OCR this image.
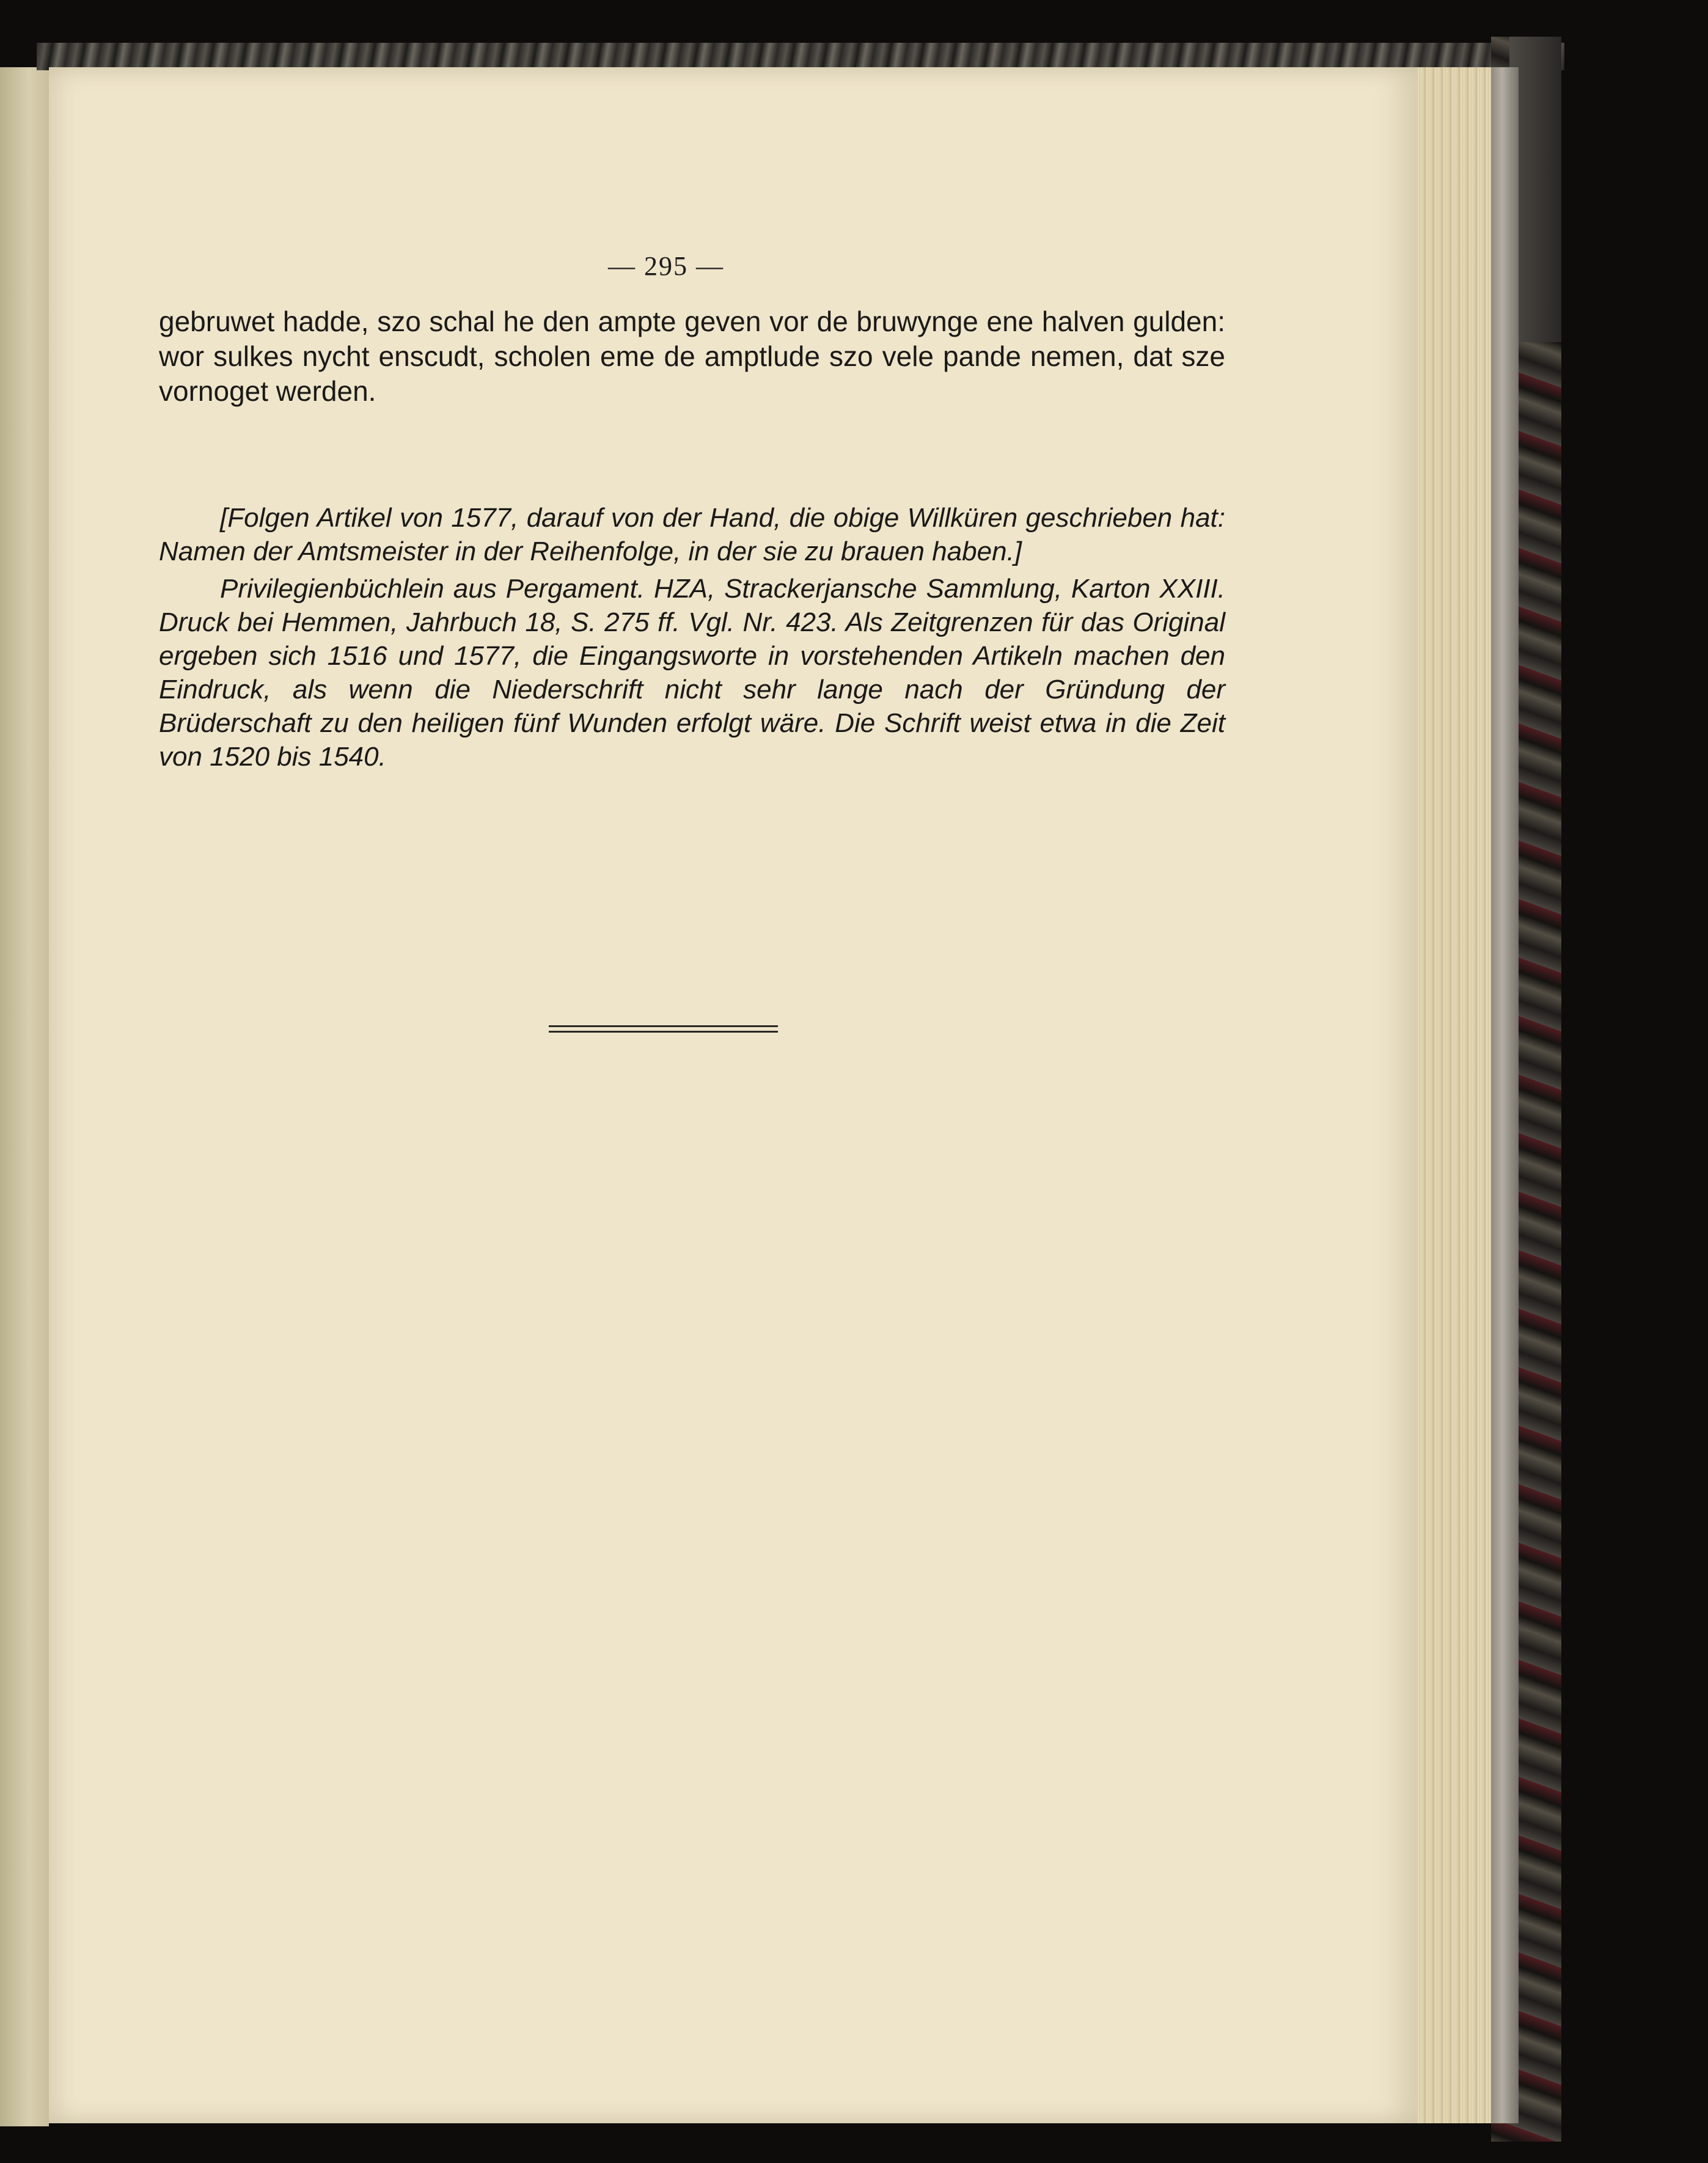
— 295 —

gebruwet hadde, szo schal he den ampte geven vor de bruwynge ene halven gulden: wor sulkes nycht enscudt, scholen eme de amptlude szo vele pande nemen, dat sze vornoget werden.

[Folgen Artikel von 1577, darauf von der Hand, die obige Willküren geschrieben hat: Namen der Amtsmeister in der Reihenfolge, in der sie zu brauen haben.]

Privilegienbüchlein aus Pergament. HZA, Strackerjansche Sammlung, Karton XXIII. Druck bei Hemmen, Jahrbuch 18, S. 275 ff. Vgl. Nr. 423. Als Zeitgrenzen für das Original ergeben sich 1516 und 1577, die Eingangsworte in vorstehenden Artikeln machen den Eindruck, als wenn die Niederschrift nicht sehr lange nach der Gründung der Brüderschaft zu den heiligen fünf Wunden erfolgt wäre. Die Schrift weist etwa in die Zeit von 1520 bis 1540.
